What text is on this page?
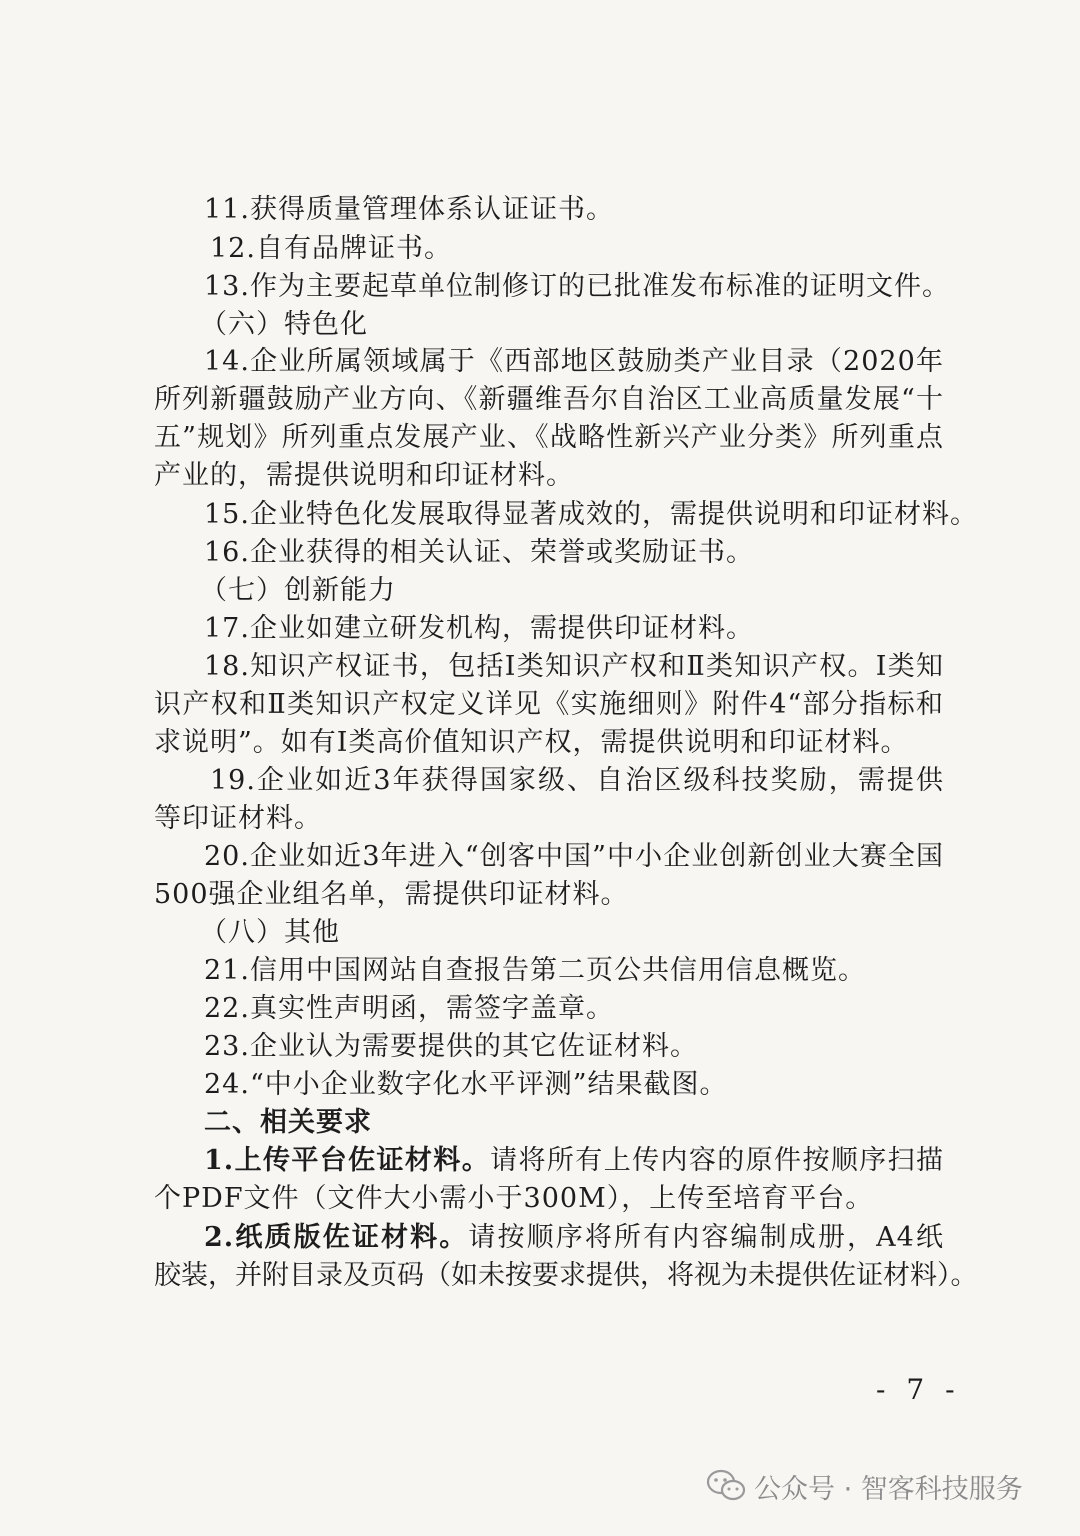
11.获得质量管理体系认证证书。
12.自有品牌证书。
13.作为主要起草单位制修订的已批准发布标准的证明文件。
（六）特色化
14.企业所属领域属于《西部地区鼓励类产业目录（2020年
所列新疆鼓励产业方向、《新疆维吾尔自治区工业高质量发展“十
五”规划》所列重点发展产业、《战略性新兴产业分类》所列重点
产业的，需提供说明和印证材料。
15.企业特色化发展取得显著成效的，需提供说明和印证材料。
16.企业获得的相关认证、荣誉或奖励证书。
（七）创新能力
17.企业如建立研发机构，需提供印证材料。
18.知识产权证书，包括Ⅰ类知识产权和Ⅱ类知识产权。Ⅰ类知
识产权和Ⅱ类知识产权定义详见《实施细则》附件4“部分指标和
求说明”。如有Ⅰ类高价值知识产权，需提供说明和印证材料。
19.企业如近3年获得国家级、自治区级科技奖励，需提供
等印证材料。
20.企业如近3年进入“创客中国”中小企业创新创业大赛全国
500强企业组名单，需提供印证材料。
（八）其他
21.信用中国网站自查报告第二页公共信用信息概览。
22.真实性声明函，需签字盖章。
23.企业认为需要提供的其它佐证材料。
24.“中小企业数字化水平评测”结果截图。
二、相关要求
1.上传平台佐证材料。请将所有上传内容的原件按顺序扫描
个PDF文件（文件大小需小于300M），上传至培育平台。
2.纸质版佐证材料。请按顺序将所有内容编制成册，A4纸
胶装，并附目录及页码（如未按要求提供，将视为未提供佐证材料）。
- 7 -
公众号 · 智客科技服务
